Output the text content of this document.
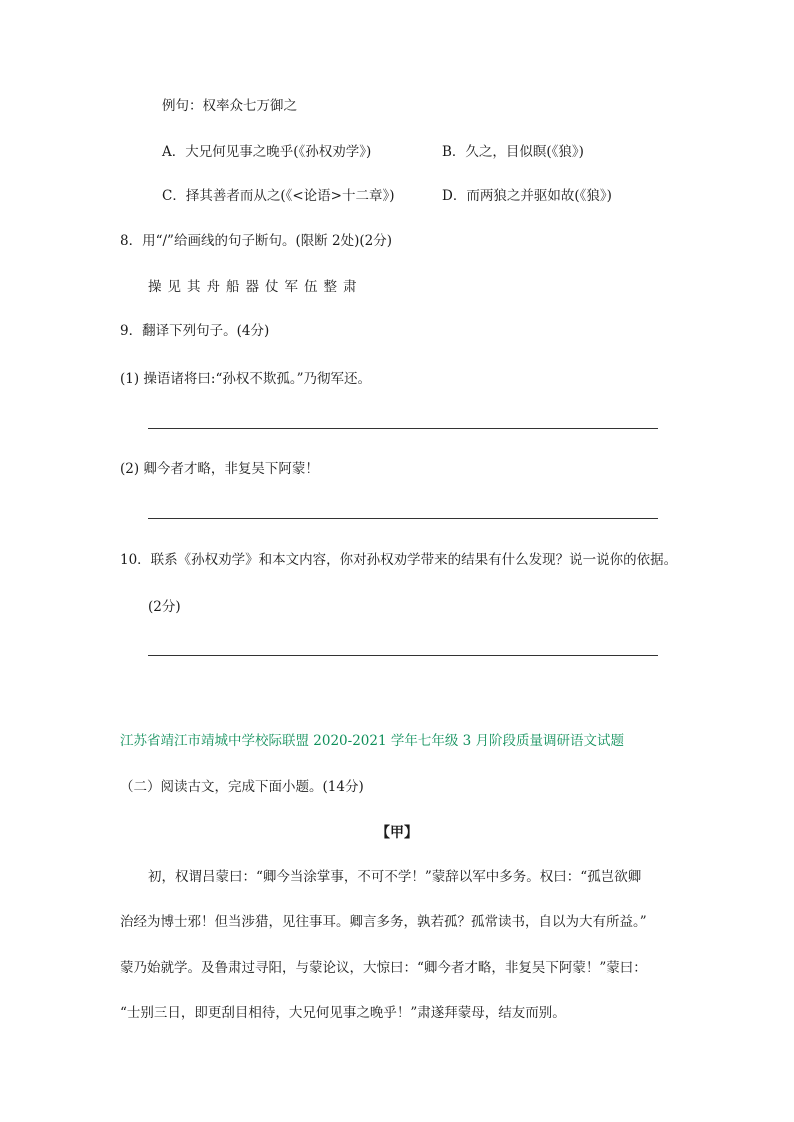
例句：权率众七万御之
A．大兄何见事之晚乎(《孙权劝学》)	B．久之，目似瞑(《狼》)
C．择其善者而从之(《<论语>十二章》)	D．而两狼之并驱如故(《狼》)
8．用“/”给画线的句子断句。(限断 2处)(2分)
操见其舟船器仗军伍整肃
9．翻译下列句子。(4分)
(1) 操语诸将曰:“孙权不欺孤。”乃彻军还。
(2) 卿今者才略，非复吴下阿蒙！
10．联系《孙权劝学》和本文内容，你对孙权劝学带来的结果有什么发现？说一说你的依据。
(2分)
江苏省靖江市靖城中学校际联盟 2020-2021 学年七年级 3 月阶段质量调研语文试题
（二）阅读古文，完成下面小题。(14分)
【甲】
初，权谓吕蒙曰：“卿今当涂掌事，不可不学！”蒙辞以军中多务。权曰：“孤岂欲卿
治经为博士邪！但当涉猎，见往事耳。卿言多务，孰若孤？孤常读书，自以为大有所益。”
蒙乃始就学。及鲁肃过寻阳，与蒙论议，大惊曰：“卿今者才略，非复吴下阿蒙！”蒙曰：
“士别三日，即更刮目相待，大兄何见事之晚乎！”肃遂拜蒙母，结友而别。
